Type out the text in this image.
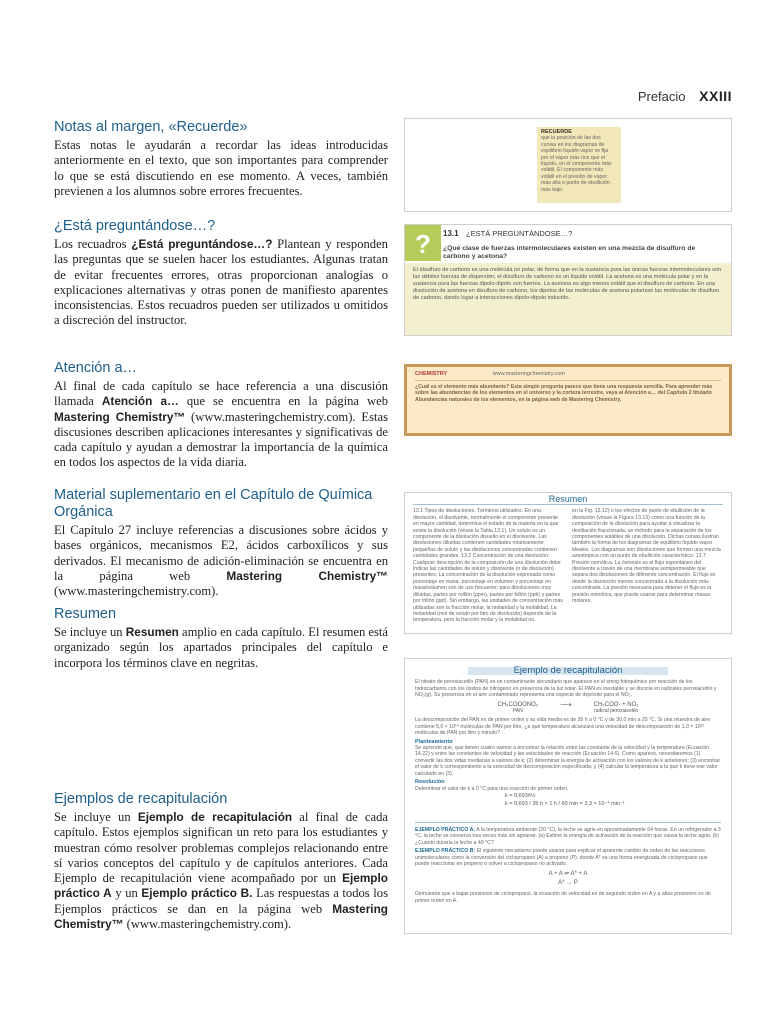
Prefacio XXIII
Notas al margen, «Recuerde»

Estas notas le ayudarán a recordar las ideas introducidas anteriormente en el texto, que son importantes para comprender lo que se está discutiendo en ese momento. A veces, también previenen a los alumnos sobre errores frecuentes.

¿Está preguntándose…?

Los recuadros ¿Está preguntándose…? Plantean y responden las preguntas que se suelen hacer los estudiantes. Algunas tratan de evitar frecuentes errores, otras proporcionan analogías o explicaciones alternativas y otras ponen de manifiesto aparentes inconsistencias. Estos recuadros pueden ser utilizados u omitidos a discreción del instructor.

Atención a…

Al final de cada capítulo se hace referencia a una discusión llamada Atención a… que se encuentra en la página web Mastering Chemistry™ (www.masteringchemistry.com). Estas discusiones describen aplicaciones interesantes y significativas de cada capítulo y ayudan a demostrar la importancia de la química en todos los aspectos de la vida diaria.

Material suplementario en el Capítulo de Química Orgánica

El Capítulo 27 incluye referencias a discusiones sobre ácidos y bases orgánicos, mecanismos E2, ácidos carboxílicos y sus derivados. El mecanismo de adición-eliminación se encuentra en la página web Mastering Chemistry™ (www.masteringchemistry.com).

Resumen

Se incluye un Resumen amplio en cada capítulo. El resumen está organizado según los apartados principales del capítulo e incorpora los términos clave en negritas.

Ejemplos de recapitulación

Se incluye un Ejemplo de recapitulación al final de cada capítulo. Estos ejemplos significan un reto para los estudiantes y muestran cómo resolver problemas complejos relacionando entre sí varios conceptos del capítulo y de capítulos anteriores. Cada Ejemplo de recapitulación viene acompañado por un Ejemplo práctico A y un Ejemplo práctico B. Las respuestas a todos los Ejemplos prácticos se dan en la página web Mastering Chemistry™ (www.masteringchemistry.com).

RECUERDE

que la posición de las dos curvas en los diagramas de equilibrio líquido-vapor se fija por el vapor más rico que el líquido, en el componente más volátil. El componente más volátil en el presión de vapor más alta o punto de ebullición más bajo.

? 13.1 ¿ESTÁ PREGUNTÁNDOSE…?
¿Qué clase de fuerzas intermoleculares existen en una mezcla de disulfuro de carbono y acetona?
El disulfuro de carbono es una molécula no polar, de forma que en la sustancia pura las únicas fuerzas intermoleculares son las débiles fuerzas de dispersión; el disulfuro de carbono es un líquido volátil. La acetona es una molécula polar y en la sustancia pura las fuerzas dipolo-dipolo son fuertes. La acetona es algo menos volátil que el disulfuro de carbono. En una disolución de acetona en disulfuro de carbono, los dipolos de las moléculas de acetona polarizan las moléculas de disulfuro de carbono, dando lugar a interacciones dipolo-dipolo inducido.
CHEMISTRY	www.masteringchemistry.com

¿Cuál es el elemento más abundante? Esta simple pregunta parece que tiene una respuesta sencilla. Para aprender más sobre las abundancias de los elementos en el universo y la corteza terrestre, vaya al Atención a… del Capítulo 2 titulado Abundancias naturales de los elementos, en la página web de Mastering Chemistry.

Resumen

13.1 Tipos de disoluciones. Términos utilizados. En una disolución, el disolvente, normalmente el componente presente en mayor cantidad, determina el estado de la materia en la que existe la disolución (véase la Tabla 13.1). Un soluto es un componente de la disolución disuelto en el disolvente. Las disoluciones diluidas contienen cantidades relativamente pequeñas de soluto y las disoluciones concentradas contienen cantidades grandes. 13.2 Concentración de una disolución. Cualquier descripción de la composición de una disolución debe indicar las cantidades de soluto y disolvente (o de disolución) presentes. La concentración de la disolución expresada como porcentaje en masa, porcentaje en volumen y porcentaje en masa/volumen son de uso frecuente; para disoluciones muy diluidas, partes por millón (ppm), partes por billón (ppb) y partes por trillón (ppt). Sin embargo, las unidades de concentración más utilizadas son la fracción molar, la molaridad y la molalidad. La molaridad (mol de soluto por litro de disolución) depende de la temperatura, pero la fracción molar y la molalidad no.

en la Fig. 13.12) o los efectos de punto de ebullición de la disolución (véase la Figura 13.13) como una función de la composición de la disolución para ayudar a visualizar la destilación fraccionada, un método para la separación de los componentes volátiles de una disolución. Dichas curvas ilustran también la forma de los diagramas de equilibrio líquido-vapor ideales. Los diagramas son disoluciones que forman una mezcla azeotrópica con un punto de ebullición característico. 13.7 Presión osmótica. La ósmosis es el flujo espontáneo del disolvente a través de una membrana semipermeable que separa dos disoluciones de diferente concentración. El flujo es desde la disolución menos concentrada a la disolución más concentrada. La presión necesaria para detener el flujo es la presión osmótica, que puede usarse para determinar masas molares.

Ejemplo de recapitulación

El nitrato de peroxiacetilo (PAN) es un contaminante secundario que aparece en el smog fotoquímico por reacción de los hidrocarburos con los óxidos de nitrógeno en presencia de la luz solar. El PAN es inestable y se disocia en radicales peroxiacetilo y NO₂(g). Su presencia en el aire contaminado representa una especie de depósito para el NO₂.

CH₃COOONO₂
PAN
⟶	CH₃COO· + NO₂
radical peroxiacetilo

La descomposición del PAN es de primer orden y su vida media es de 35 h a 0 °C y de 30,0 min a 25 °C. Si una muestra de aire contiene 5,0 × 10¹⁴ moléculas de PAN por litro, ¿a qué temperatura alcanzará una velocidad de descomposición de 1,0 × 10¹² moléculas de PAN por litro y minuto?

Planteamiento

Se aprende que, que tienen cuatro vamos a encontrar la relación entre las constante de la velocidad y la temperatura (Ecuación 14.22) y entre las constantes de velocidad y las velocidades de reacción (Ecuación 14.6). Como aparece, necesitaremos (1) convertir las dos vidas medianas a valores de k; (2) determinar la energía de activación con los valores de k anteriores; (3) encontrar el valor de k correspondiente a la velocidad de descomposición especificada; y (4) calcular la temperatura a la que k tiene ese valor calculado en (3).

Resolución

Determinar el valor de k a 0 °C para una reacción de primer orden.

k = 0,693/t½
k = 0,693 / 35 h × 1 h / 60 min = 3,3 × 10⁻⁴ min⁻¹

EJEMPLO PRÁCTICO A: A la temperatura ambiente (20 °C), la leche se agria en aproximadamente 64 horas. En un refrigerador a 3 °C, la leche se conserva tres veces más sin agriarse. (a) Estime la energía de activación de la reacción que causa la leche agria. (b) ¿Cuánto duraría la leche a 40 °C?

EJEMPLO PRÁCTICO B: El siguiente mecanismo puede usarse para explicar el aparente cambio de orden de las reacciones unimoleculares como la conversión del ciclopropano (A) a propeno (P), donde A* es una forma energizada de ciclopropano que puede reaccionar en propeno o volver a ciclopropano no activado.

A + A ⇌ A* + A
A* → P

Demuestre que a bajas presiones de ciclopropano, la ecuación de velocidad es de segundo orden en A y a altas presiones es de primer orden en A.
